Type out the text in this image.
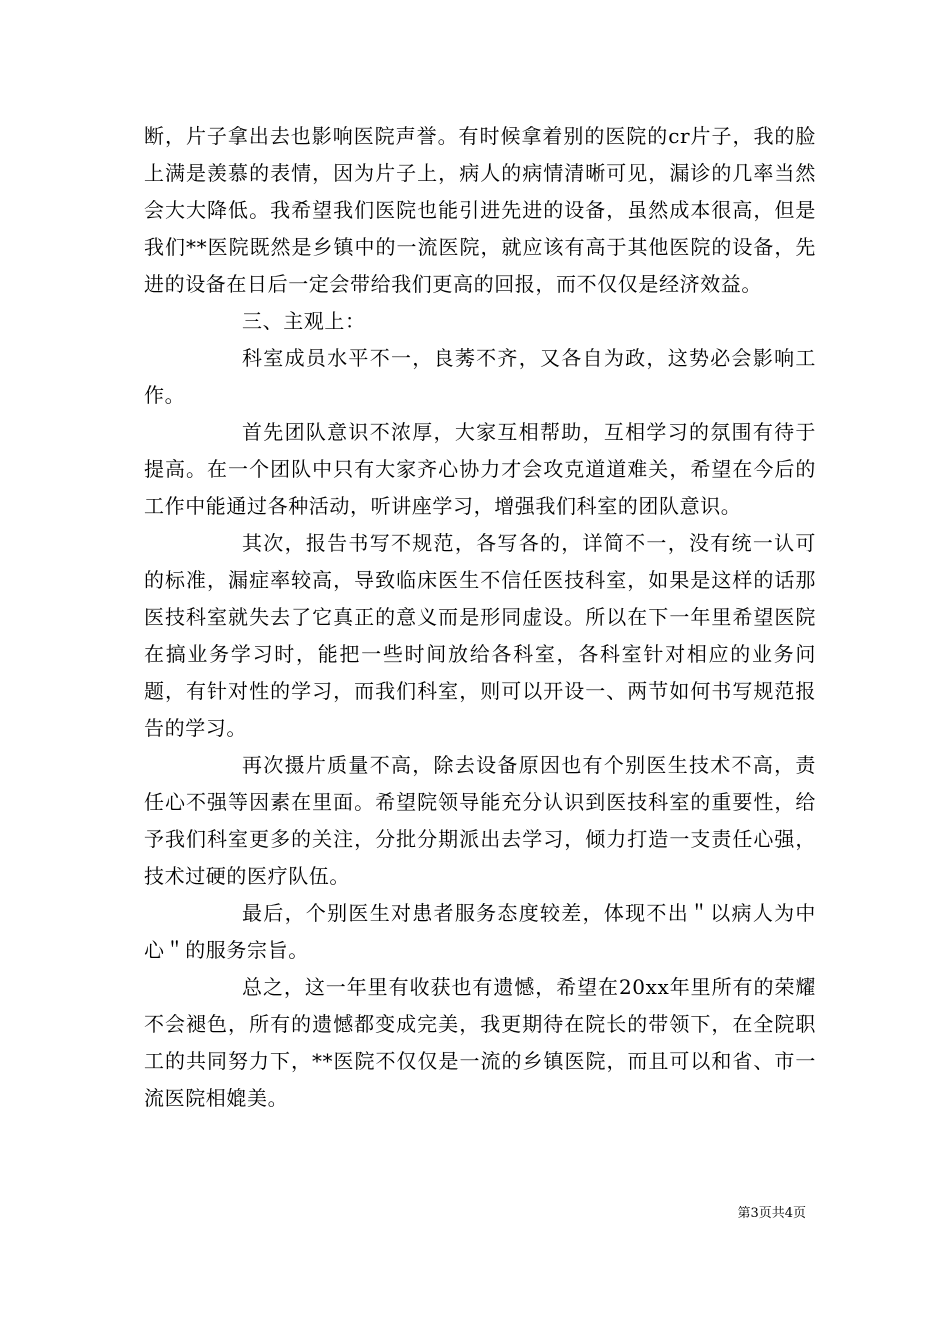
断，片子拿出去也影响医院声誉。有时候拿着别的医院的cr片子，我的脸上满是羡慕的表情，因为片子上，病人的病情清晰可见，漏诊的几率当然会大大降低。我希望我们医院也能引进先进的设备，虽然成本很高，但是我们**医院既然是乡镇中的一流医院，就应该有高于其他医院的设备，先进的设备在日后一定会带给我们更高的回报，而不仅仅是经济效益。

三、主观上：

科室成员水平不一，良莠不齐，又各自为政，这势必会影响工作。

首先团队意识不浓厚，大家互相帮助，互相学习的氛围有待于提高。在一个团队中只有大家齐心协力才会攻克道道难关，希望在今后的工作中能通过各种活动，听讲座学习，增强我们科室的团队意识。

其次，报告书写不规范，各写各的，详简不一，没有统一认可的标准，漏症率较高，导致临床医生不信任医技科室，如果是这样的话那医技科室就失去了它真正的意义而是形同虚设。所以在下一年里希望医院在搞业务学习时，能把一些时间放给各科室，各科室针对相应的业务问题，有针对性的学习，而我们科室，则可以开设一、两节如何书写规范报告的学习。

再次摄片质量不高，除去设备原因也有个别医生技术不高，责任心不强等因素在里面。希望院领导能充分认识到医技科室的重要性，给予我们科室更多的关注，分批分期派出去学习，倾力打造一支责任心强，技术过硬的医疗队伍。

最后，个别医生对患者服务态度较差，体现不出＂以病人为中心＂的服务宗旨。

总之，这一年里有收获也有遗憾，希望在20xx年里所有的荣耀不会褪色，所有的遗憾都变成完美，我更期待在院长的带领下，在全院职工的共同努力下，**医院不仅仅是一流的乡镇医院，而且可以和省、市一流医院相媲美。

第3页共4页
